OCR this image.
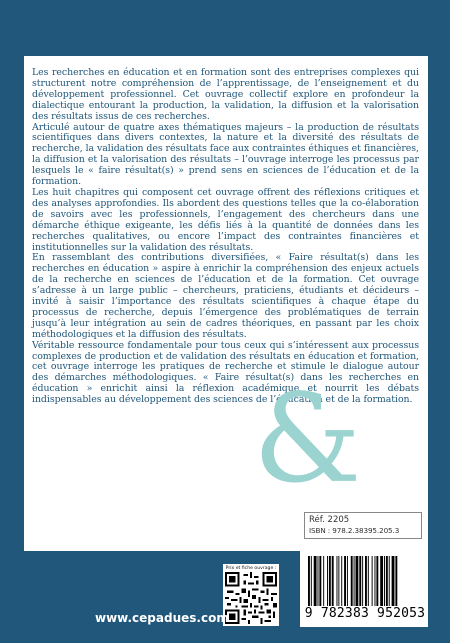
Les recherches en éducation et en formation sont des entreprises complexes qui structurent notre compréhension de l’apprentissage, de l’enseignement et du développement professionnel. Cet ouvrage collectif explore en profondeur la dialectique entourant la production, la validation, la diffusion et la valorisation des résultats issus de ces recherches.

Articulé autour de quatre axes thématiques majeurs – la production de résultats scientifiques dans divers contextes, la nature et la diversité des résultats de recherche, la validation des résultats face aux contraintes éthiques et financières, la diffusion et la valorisation des résultats – l’ouvrage interroge les processus par lesquels le « faire résultat(s) » prend sens en sciences de l’éducation et de la formation.

Les huit chapitres qui composent cet ouvrage offrent des réflexions critiques et des analyses approfondies. Ils abordent des questions telles que la co-élaboration de savoirs avec les professionnels, l’engagement des chercheurs dans une démarche éthique exigeante, les défis liés à la quantité de données dans les recherches qualitatives, ou encore l’impact des contraintes financières et institutionnelles sur la validation des résultats.

En rassemblant des contributions diversifiées, « Faire résultat(s) dans les recherches en éducation » aspire à enrichir la compréhension des enjeux actuels de la recherche en sciences de l’éducation et de la formation. Cet ouvrage s’adresse à un large public – chercheurs, praticiens, étudiants et décideurs – invité à saisir l’importance des résultats scientifiques à chaque étape du processus de recherche, depuis l’émergence des problématiques de terrain jusqu’à leur intégration au sein de cadres théoriques, en passant par les choix méthodologiques et la diffusion des résultats.

Véritable ressource fondamentale pour tous ceux qui s’intéressent aux processus complexes de production et de validation des résultats en éducation et formation, cet ouvrage interroge les pratiques de recherche et stimule le dialogue autour des démarches méthodologiques. « Faire résultat(s) dans les recherches en éducation » enrichit ainsi la réflexion académique et nourrit les débats indispensables au développement des sciences de l’éducation et de la formation.

&
Réf. 2205
ISBN : 978.2.38395.205.3
Prix et fiche ouvrage :
9 782383 952053
www.cepadues.com
